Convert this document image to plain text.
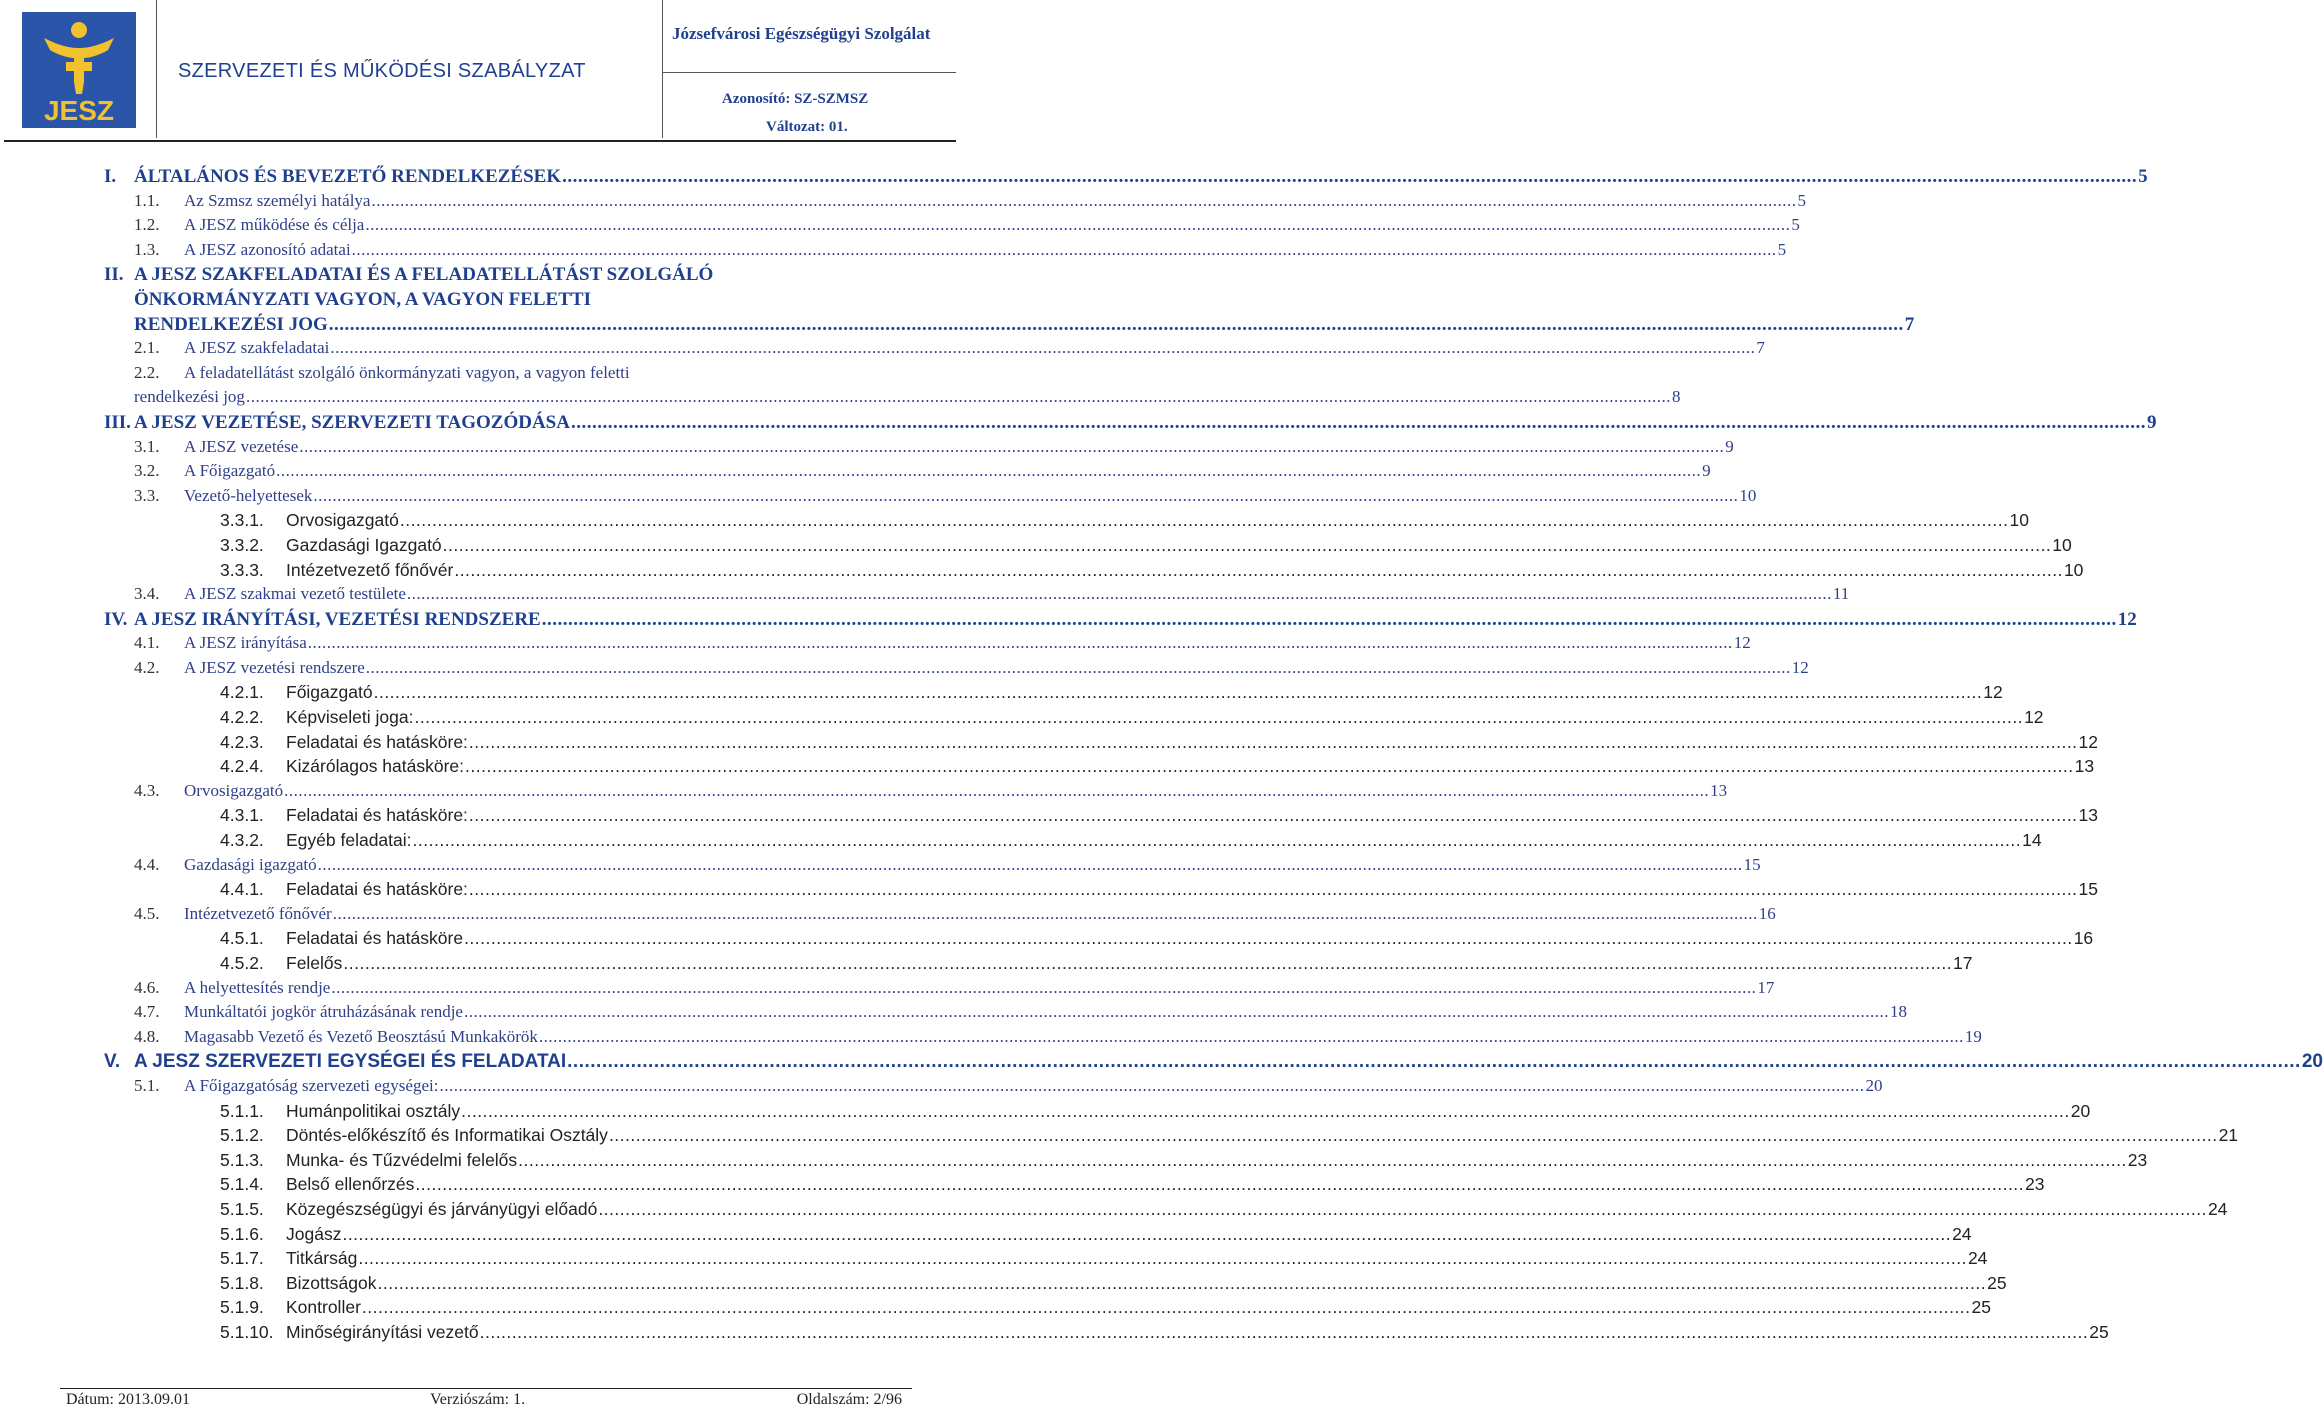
JESZ
SZERVEZETI ÉS MŰKÖDÉSI SZABÁLYZAT
Józsefvárosi Egészségügyi Szolgálat
Azonosító: SZ-SZMSZ
Változat: 01.
I. ÁLTALÁNOS ÉS BEVEZETŐ RENDELKEZÉSEK ............................................................................................................................................................................................................................................................................................................ 5
1.1. Az Szmsz személyi hatálya ............................................................................................................................................................................................................................................................................................................ 5
1.2. A JESZ működése és célja ............................................................................................................................................................................................................................................................................................................ 5
1.3. A JESZ azonosító adatai ............................................................................................................................................................................................................................................................................................................ 5
II. A JESZ SZAKFELADATAI ÉS A FELADATELLÁTÁST SZOLGÁLÓ
ÖNKORMÁNYZATI VAGYON, A VAGYON FELETTI
RENDELKEZÉSI JOG ............................................................................................................................................................................................................................................................................................................ 7
2.1. A JESZ szakfeladatai ............................................................................................................................................................................................................................................................................................................ 7
2.2. A feladatellátást szolgáló önkormányzati vagyon, a vagyon feletti
rendelkezési jog ............................................................................................................................................................................................................................................................................................................ 8
III. A JESZ VEZETÉSE, SZERVEZETI TAGOZÓDÁSA ............................................................................................................................................................................................................................................................................................................ 9
3.1. A JESZ vezetése ............................................................................................................................................................................................................................................................................................................ 9
3.2. A Főigazgató ............................................................................................................................................................................................................................................................................................................ 9
3.3. Vezető-helyettesek ............................................................................................................................................................................................................................................................................................................ 10
3.3.1. Orvosigazgató ............................................................................................................................................................................................................................................................................................................ 10
3.3.2. Gazdasági Igazgató ............................................................................................................................................................................................................................................................................................................ 10
3.3.3. Intézetvezető főnővér ............................................................................................................................................................................................................................................................................................................ 10
3.4. A JESZ szakmai vezető testülete ............................................................................................................................................................................................................................................................................................................ 11
IV. A JESZ IRÁNYÍTÁSI, VEZETÉSI RENDSZERE ............................................................................................................................................................................................................................................................................................................ 12
4.1. A JESZ irányítása ............................................................................................................................................................................................................................................................................................................ 12
4.2. A JESZ vezetési rendszere ............................................................................................................................................................................................................................................................................................................ 12
4.2.1. Főigazgató ............................................................................................................................................................................................................................................................................................................ 12
4.2.2. Képviseleti joga: ............................................................................................................................................................................................................................................................................................................ 12
4.2.3. Feladatai és hatásköre: ............................................................................................................................................................................................................................................................................................................ 12
4.2.4. Kizárólagos hatásköre: ............................................................................................................................................................................................................................................................................................................ 13
4.3. Orvosigazgató ............................................................................................................................................................................................................................................................................................................ 13
4.3.1. Feladatai és hatásköre: ............................................................................................................................................................................................................................................................................................................ 13
4.3.2. Egyéb feladatai: ............................................................................................................................................................................................................................................................................................................ 14
4.4. Gazdasági igazgató ............................................................................................................................................................................................................................................................................................................ 15
4.4.1. Feladatai és hatásköre: ............................................................................................................................................................................................................................................................................................................ 15
4.5. Intézetvezető főnővér ............................................................................................................................................................................................................................................................................................................ 16
4.5.1. Feladatai és hatásköre ............................................................................................................................................................................................................................................................................................................ 16
4.5.2. Felelős ............................................................................................................................................................................................................................................................................................................ 17
4.6. A helyettesítés rendje ............................................................................................................................................................................................................................................................................................................ 17
4.7. Munkáltatói jogkör átruházásának rendje ............................................................................................................................................................................................................................................................................................................ 18
4.8. Magasabb Vezető és Vezető Beosztású Munkakörök ............................................................................................................................................................................................................................................................................................................ 19
V. A JESZ SZERVEZETI EGYSÉGEI ÉS FELADATAI ............................................................................................................................................................................................................................................................................................................ 20
5.1. A Főigazgatóság szervezeti egységei: ............................................................................................................................................................................................................................................................................................................ 20
5.1.1. Humánpolitikai osztály ............................................................................................................................................................................................................................................................................................................ 20
5.1.2. Döntés-előkészítő és Informatikai Osztály ............................................................................................................................................................................................................................................................................................................ 21
5.1.3. Munka- és Tűzvédelmi felelős ............................................................................................................................................................................................................................................................................................................ 23
5.1.4. Belső ellenőrzés ............................................................................................................................................................................................................................................................................................................ 23
5.1.5. Közegészségügyi és járványügyi előadó ............................................................................................................................................................................................................................................................................................................ 24
5.1.6. Jogász ............................................................................................................................................................................................................................................................................................................ 24
5.1.7. Titkárság ............................................................................................................................................................................................................................................................................................................ 24
5.1.8. Bizottságok ............................................................................................................................................................................................................................................................................................................ 25
5.1.9. Kontroller ............................................................................................................................................................................................................................................................................................................ 25
5.1.10. Minőségirányítási vezető ............................................................................................................................................................................................................................................................................................................ 25
Dátum: 2013.09.01	Verziószám: 1.	Oldalszám: 2/96
